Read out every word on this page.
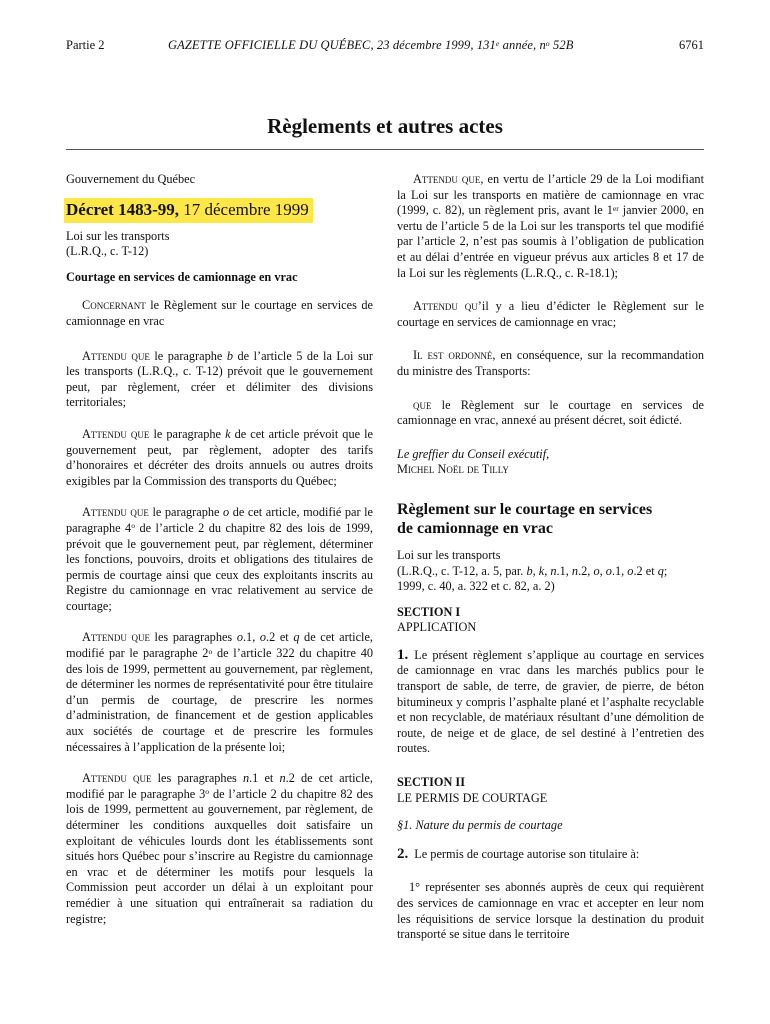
Partie 2	GAZETTE OFFICIELLE DU QUÉBEC, 23 décembre 1999, 131e année, $n^o$ 52B	6761
Règlements et autres actes

Gouvernement du Québec

Décret 1483-99, 17 décembre 1999

Loi sur les transports

(L.R.Q., c. T-12)

Courtage en services de camionnage en vrac

Concernant le Règlement sur le courtage en services de camionnage en vrac

Attendu que le paragraphe b de l’article 5 de la Loi sur les transports (L.R.Q., c. T-12) prévoit que le gouvernement peut, par règlement, créer et délimiter des divisions territoriales;

Attendu que le paragraphe k de cet article prévoit que le gouvernement peut, par règlement, adopter des tarifs d’honoraires et décréter des droits annuels ou autres droits exigibles par la Commission des transports du Québec;

Attendu que le paragraphe o de cet article, modifié par le paragraphe 4$^o$ de l’article 2 du chapitre 82 des lois de 1999, prévoit que le gouvernement peut, par règlement, déterminer les fonctions, pouvoirs, droits et obligations des titulaires de permis de courtage ainsi que ceux des exploitants inscrits au Registre du camionnage en vrac relativement au service de courtage;

Attendu que les paragraphes o.1, o.2 et q de cet article, modifié par le paragraphe 2$^o$ de l’article 322 du chapitre 40 des lois de 1999, permettent au gouvernement, par règlement, de déterminer les normes de représentativité pour être titulaire d’un permis de courtage, de prescrire les normes d’administration, de financement et de gestion applicables aux sociétés de courtage et de prescrire les formules nécessaires à l’application de la présente loi;

Attendu que les paragraphes n.1 et n.2 de cet article, modifié par le paragraphe 3$^o$ de l’article 2 du chapitre 82 des lois de 1999, permettent au gouvernement, par règlement, de déterminer les conditions auxquelles doit satisfaire un exploitant de véhicules lourds dont les établissements sont situés hors Québec pour s’inscrire au Registre du camionnage en vrac et de déterminer les motifs pour lesquels la Commission peut accorder un délai à un exploitant pour remédier à une situation qui entraînerait sa radiation du registre;

Attendu que, en vertu de l’article 29 de la Loi modifiant la Loi sur les transports en matière de camionnage en vrac (1999, c. 82), un règlement pris, avant le 1er janvier 2000, en vertu de l’article 5 de la Loi sur les transports tel que modifié par l’article 2, n’est pas soumis à l’obligation de publication et au délai d’entrée en vigueur prévus aux articles 8 et 17 de la Loi sur les règlements (L.R.Q., c. R-18.1);

Attendu qu’il y a lieu d’édicter le Règlement sur le courtage en services de camionnage en vrac;

Il est ordonné, en conséquence, sur la recommandation du ministre des Transports:

que le Règlement sur le courtage en services de camionnage en vrac, annexé au présent décret, soit édicté.

Le greffier du Conseil exécutif,

Michel Noël de Tilly

Règlement sur le courtage en services
de camionnage en vrac

Loi sur les transports
(L.R.Q., c. T-12, a. 5, par. b, k, n.1, n.2, o, o.1, o.2 et q;
1999, c. 40, a. 322 et c. 82, a. 2)

SECTION I

APPLICATION

1. Le présent règlement s’applique au courtage en services de camionnage en vrac dans les marchés publics pour le transport de sable, de terre, de gravier, de pierre, de béton bitumineux y compris l’asphalte plané et l’asphalte recyclable et non recyclable, de matériaux résultant d’une démolition de route, de neige et de glace, de sel destiné à l’entretien des routes.

SECTION II

LE PERMIS DE COURTAGE

§1. Nature du permis de courtage

2. Le permis de courtage autorise son titulaire à:

1° représenter ses abonnés auprès de ceux qui requièrent des services de camionnage en vrac et accepter en leur nom les réquisitions de service lorsque la destination du produit transporté se situe dans le territoire
